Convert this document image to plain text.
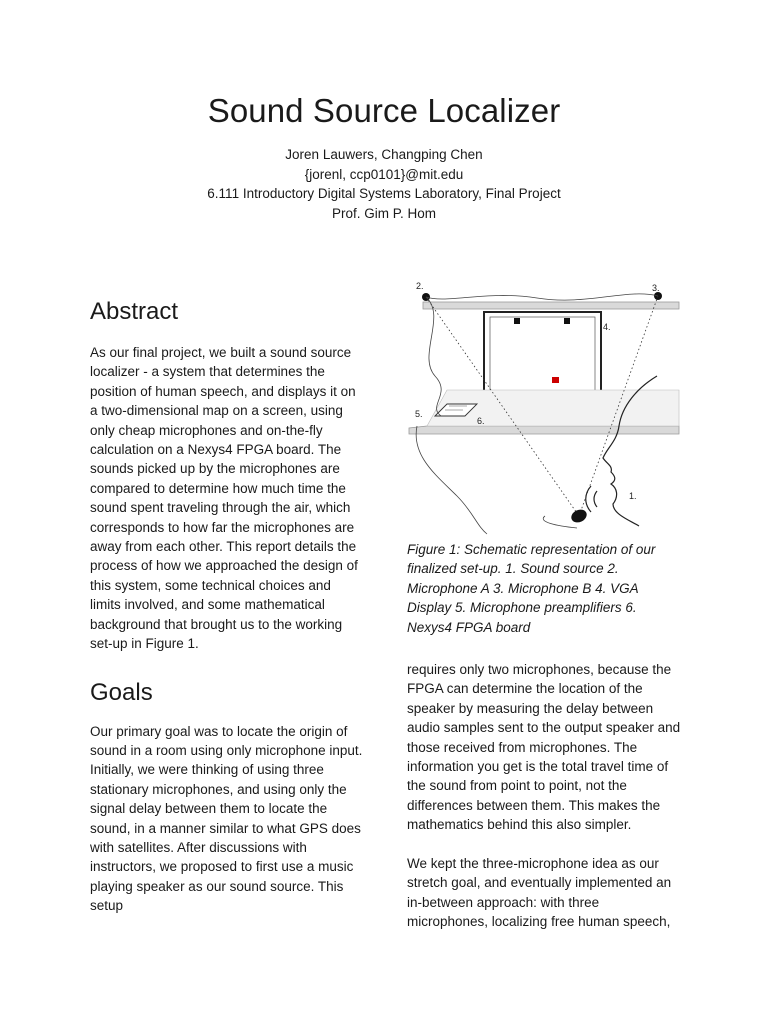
Sound Source Localizer
Joren Lauwers, Changping Chen
{jorenl, ccp0101}@mit.edu
6.111 Introductory Digital Systems Laboratory, Final Project
Prof. Gim P. Hom
Abstract

As our final project, we built a sound source localizer - a system that determines the position of human speech, and displays it on a two-dimensional map on a screen, using only cheap microphones and on-the-fly calculation on a Nexys4 FPGA board. The sounds picked up by the microphones are compared to determine how much time the sound spent traveling through the air, which corresponds to how far the microphones are away from each other. This report details the process of how we approached the design of this system, some technical choices and limits involved, and some mathematical background that brought us to the working set-up in Figure 1.

Goals

Our primary goal was to locate the origin of sound in a room using only microphone input. Initially, we were thinking of using three stationary microphones, and using only the signal delay between them to locate the sound, in a manner similar to what GPS does with satellites. After discussions with instructors, we proposed to first use a music playing speaker as our sound source. This setup

2.	3.
4.
5.
6.
1.

Figure 1: Schematic representation of our finalized set-up. 1. Sound source 2. Microphone A 3. Microphone B 4. VGA Display 5. Microphone preamplifiers 6. Nexys4 FPGA board

requires only two microphones, because the FPGA can determine the location of the speaker by measuring the delay between audio samples sent to the output speaker and those received from microphones. The information you get is the total travel time of the sound from point to point, not the differences between them. This makes the mathematics behind this also simpler.

We kept the three-microphone idea as our stretch goal, and eventually implemented an in-between approach: with three microphones, localizing free human speech,
